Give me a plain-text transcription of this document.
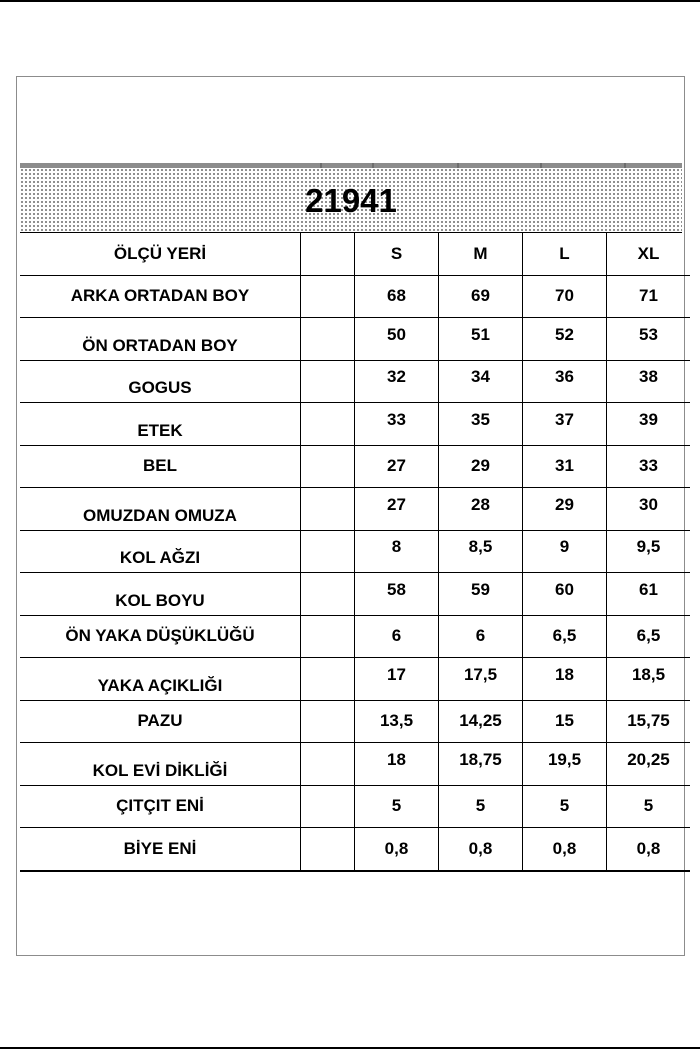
21941
ÖLÇÜ YERİ		S	M	L	XL
ARKA ORTADAN BOY		68	69	70	71
ÖN ORTADAN BOY		50	51	52	53
GOGUS		32	34	36	38
ETEK		33	35	37	39
BEL		27	29	31	33
OMUZDAN OMUZA		27	28	29	30
KOL AĞZI		8	8,5	9	9,5
KOL BOYU		58	59	60	61
ÖN YAKA DÜŞÜKLÜĞÜ		6	6	6,5	6,5
YAKA AÇIKLIĞI		17	17,5	18	18,5
PAZU		13,5	14,25	15	15,75
KOL EVİ DİKLİĞİ		18	18,75	19,5	20,25
ÇITÇIT ENİ		5	5	5	5
BİYE ENİ		0,8	0,8	0,8	0,8
